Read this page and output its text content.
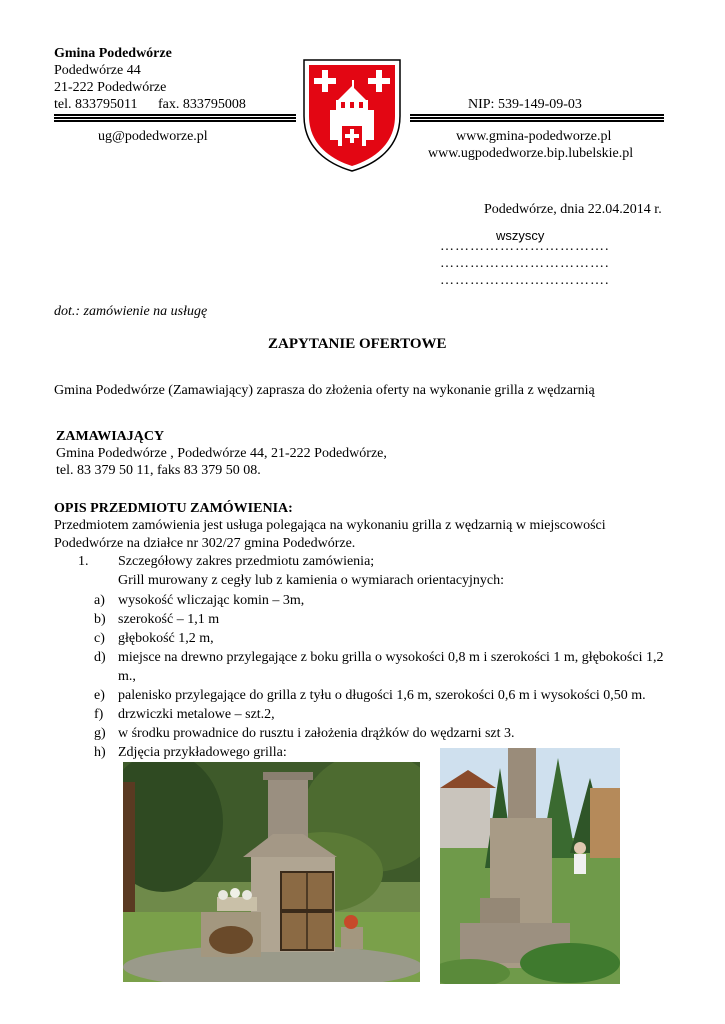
Gmina Podedwórze
Podedwórze 44
21-222 Podedwórze
tel. 833795011 fax. 833795008	NIP: 539-149-09-03
ug@podedworze.pl	www.gmina-podedworze.pl
www.ugpodedworze.bip.lubelskie.pl
Podedwórze, dnia 22.04.2014 r.
…………………………….
wszyscy
…………………………….
…………………………….
dot.: zamówienie na usługę
ZAPYTANIE OFERTOWE
Gmina Podedwórze (Zamawiający) zaprasza do złożenia oferty na wykonanie grilla z wędzarnią
ZAMAWIAJĄCY
Gmina Podedwórze , Podedwórze 44, 21-222 Podedwórze,
tel. 83 379 50 11, faks 83 379 50 08.
OPIS PRZEDMIOTU ZAMÓWIENIA:
Przedmiotem zamówienia jest usługa polegająca na wykonaniu grilla z wędzarnią w miejscowości
Podedwórze na działce nr 302/27 gmina Podedwórze.
1. Szczegółowy zakres przedmiotu zamówienia;
Grill murowany z cegły lub z kamienia o wymiarach orientacyjnych:
a) wysokość wliczając komin – 3m,
b) szerokość – 1,1 m
c) głębokość 1,2 m,
d) miejsce na drewno przylegające z boku grilla o wysokości 0,8 m i szerokości 1 m, głębokości 1,2 m.,
e) palenisko przylegające do grilla z tyłu o długości 1,6 m, szerokości 0,6 m i wysokości 0,50 m.
f)	drzwiczki metalowe – szt.2,
g) w środku prowadnice do rusztu i założenia drążków do wędzarni szt 3.
h) Zdjęcia przykładowego grilla:
